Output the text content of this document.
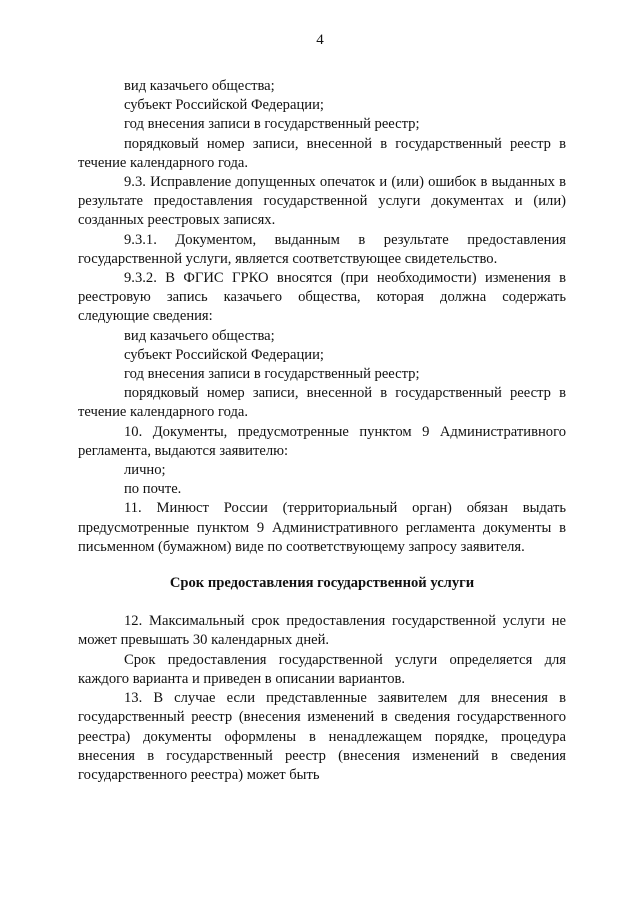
4

вид казачьего общества;

субъект Российской Федерации;

год внесения записи в государственный реестр;

порядковый номер записи, внесенной в государственный реестр в течение календарного года.

9.3. Исправление допущенных опечаток и (или) ошибок в выданных в результате предоставления государственной услуги документах и (или) созданных реестровых записях.

9.3.1. Документом, выданным в результате предоставления государственной услуги, является соответствующее свидетельство.

9.3.2. В ФГИС ГРКО вносятся (при необходимости) изменения в реестровую запись казачьего общества, которая должна содержать следующие сведения:

вид казачьего общества;

субъект Российской Федерации;

год внесения записи в государственный реестр;

порядковый номер записи, внесенной в государственный реестр в течение календарного года.

10. Документы, предусмотренные пунктом 9 Административного регламента, выдаются заявителю:

лично;

по почте.

11. Минюст России (территориальный орган) обязан выдать предусмотренные пунктом 9 Административного регламента документы в письменном (бумажном) виде по соответствующему запросу заявителя.

Срок предоставления государственной услуги

12. Максимальный срок предоставления государственной услуги не может превышать 30 календарных дней.

Срок предоставления государственной услуги определяется для каждого варианта и приведен в описании вариантов.

13. В случае если представленные заявителем для внесения в государственный реестр (внесения изменений в сведения государственного реестра) документы оформлены в ненадлежащем порядке, процедура внесения в государственный реестр (внесения изменений в сведения государственного реестра) может быть
